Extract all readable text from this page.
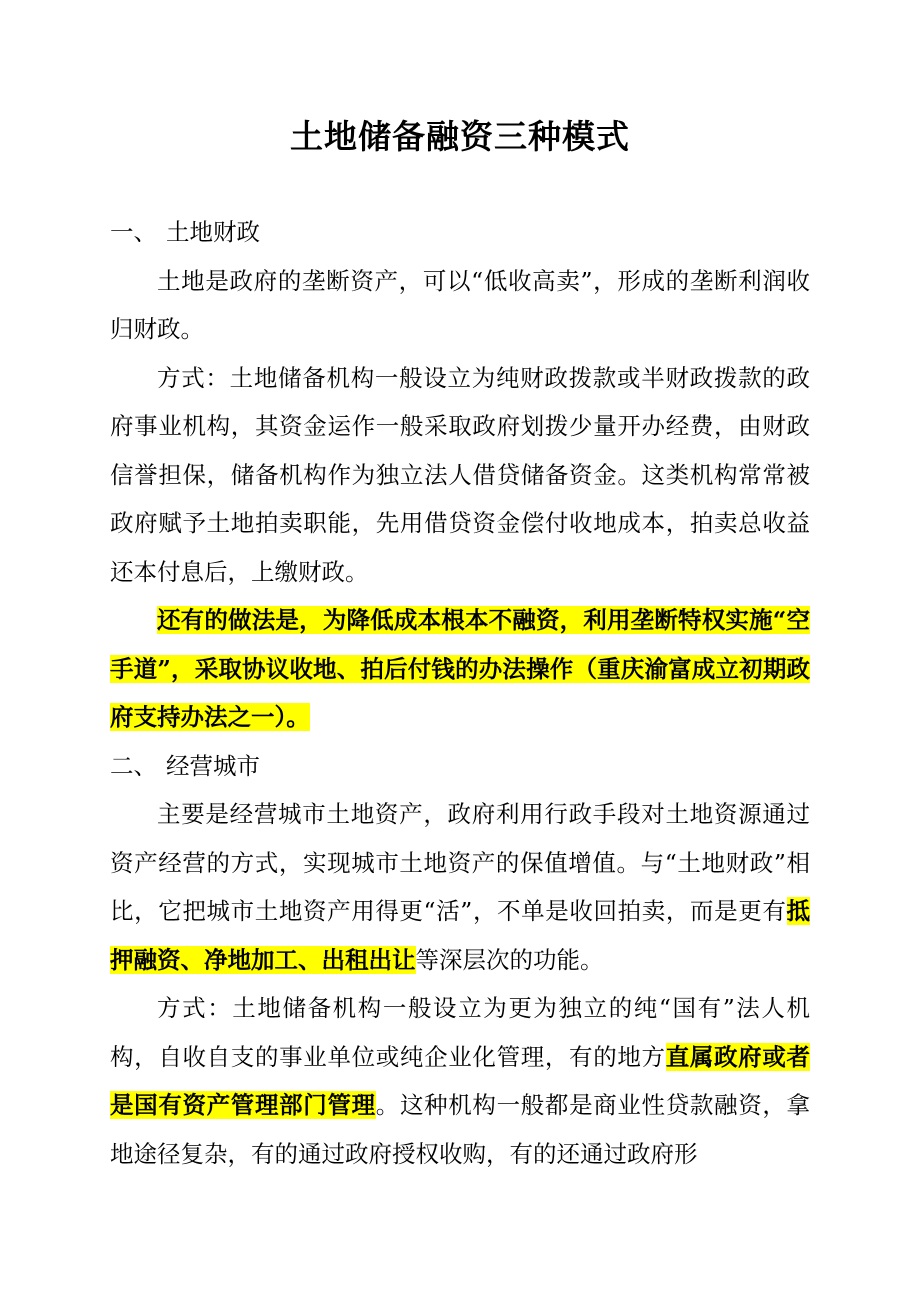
土地储备融资三种模式

一、 土地财政

土地是政府的垄断资产，可以“低收高卖”，形成的垄断利润收归财政。

方式：土地储备机构一般设立为纯财政拨款或半财政拨款的政府事业机构，其资金运作一般采取政府划拨少量开办经费，由财政信誉担保，储备机构作为独立法人借贷储备资金。这类机构常常被政府赋予土地拍卖职能，先用借贷资金偿付收地成本，拍卖总收益还本付息后，上缴财政。

还有的做法是，为降低成本根本不融资，利用垄断特权实施“空手道”，采取协议收地、拍后付钱的办法操作（重庆渝富成立初期政府支持办法之一）。

二、 经营城市

主要是经营城市土地资产，政府利用行政手段对土地资源通过资产经营的方式，实现城市土地资产的保值增值。与“土地财政”相比，它把城市土地资产用得更“活”，不单是收回拍卖，而是更有抵押融资、净地加工、出租出让等深层次的功能。

方式：土地储备机构一般设立为更为独立的纯“国有”法人机构，自收自支的事业单位或纯企业化管理，有的地方直属政府或者是国有资产管理部门管理。这种机构一般都是商业性贷款融资，拿地途径复杂，有的通过政府授权收购，有的还通过政府形
